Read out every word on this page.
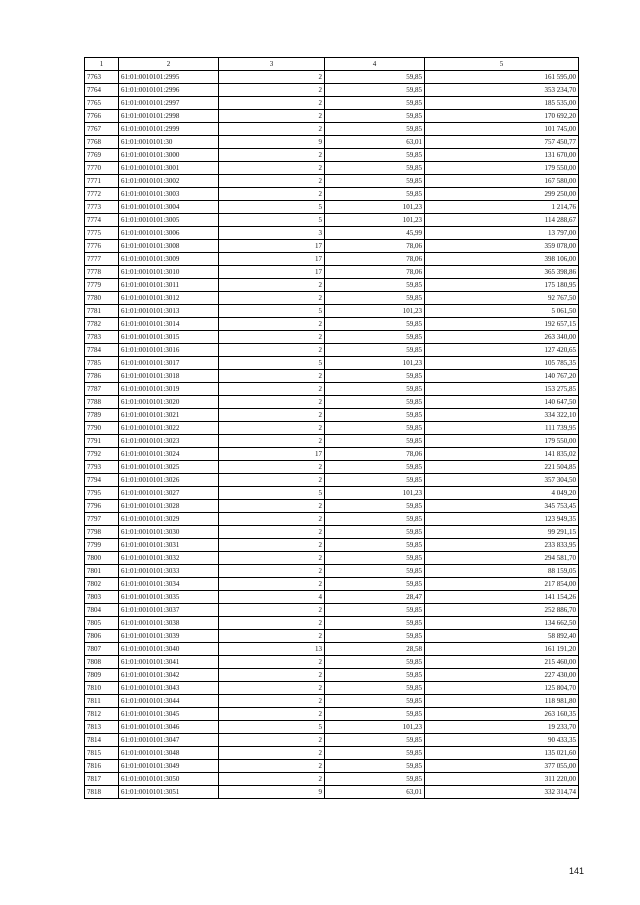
1	2	3	4	5
7763	61:01:0010101:2995	2	59,85	161 595,00
7764	61:01:0010101:2996	2	59,85	353 234,70
7765	61:01:0010101:2997	2	59,85	185 535,00
7766	61:01:0010101:2998	2	59,85	170 692,20
7767	61:01:0010101:2999	2	59,85	101 745,00
7768	61:01:0010101:30	9	63,01	757 450,77
7769	61:01:0010101:3000	2	59,85	131 670,00
7770	61:01:0010101:3001	2	59,85	179 550,00
7771	61:01:0010101:3002	2	59,85	167 580,00
7772	61:01:0010101:3003	2	59,85	299 250,00
7773	61:01:0010101:3004	5	101,23	1 214,76
7774	61:01:0010101:3005	5	101,23	114 288,67
7775	61:01:0010101:3006	3	45,99	13 797,00
7776	61:01:0010101:3008	17	78,06	359 078,00
7777	61:01:0010101:3009	17	78,06	398 106,00
7778	61:01:0010101:3010	17	78,06	365 398,86
7779	61:01:0010101:3011	2	59,85	175 180,95
7780	61:01:0010101:3012	2	59,85	92 767,50
7781	61:01:0010101:3013	5	101,23	5 061,50
7782	61:01:0010101:3014	2	59,85	192 657,15
7783	61:01:0010101:3015	2	59,85	263 340,00
7784	61:01:0010101:3016	2	59,85	127 420,65
7785	61:01:0010101:3017	5	101,23	105 785,35
7786	61:01:0010101:3018	2	59,85	140 767,20
7787	61:01:0010101:3019	2	59,85	153 275,85
7788	61:01:0010101:3020	2	59,85	140 647,50
7789	61:01:0010101:3021	2	59,85	334 322,10
7790	61:01:0010101:3022	2	59,85	111 739,95
7791	61:01:0010101:3023	2	59,85	179 550,00
7792	61:01:0010101:3024	17	78,06	141 835,02
7793	61:01:0010101:3025	2	59,85	221 504,85
7794	61:01:0010101:3026	2	59,85	357 304,50
7795	61:01:0010101:3027	5	101,23	4 049,20
7796	61:01:0010101:3028	2	59,85	345 753,45
7797	61:01:0010101:3029	2	59,85	123 949,35
7798	61:01:0010101:3030	2	59,85	99 291,15
7799	61:01:0010101:3031	2	59,85	233 833,95
7800	61:01:0010101:3032	2	59,85	294 581,70
7801	61:01:0010101:3033	2	59,85	88 159,05
7802	61:01:0010101:3034	2	59,85	217 854,00
7803	61:01:0010101:3035	4	28,47	141 154,26
7804	61:01:0010101:3037	2	59,85	252 886,70
7805	61:01:0010101:3038	2	59,85	134 662,50
7806	61:01:0010101:3039	2	59,85	58 892,40
7807	61:01:0010101:3040	13	28,58	161 191,20
7808	61:01:0010101:3041	2	59,85	215 460,00
7809	61:01:0010101:3042	2	59,85	227 430,00
7810	61:01:0010101:3043	2	59,85	125 804,70
7811	61:01:0010101:3044	2	59,85	118 981,80
7812	61:01:0010101:3045	2	59,85	263 160,35
7813	61:01:0010101:3046	5	101,23	19 233,70
7814	61:01:0010101:3047	2	59,85	90 433,35
7815	61:01:0010101:3048	2	59,85	135 021,60
7816	61:01:0010101:3049	2	59,85	377 055,00
7817	61:01:0010101:3050	2	59,85	311 220,00
7818	61:01:0010101:3051	9	63,01	332 314,74
141
